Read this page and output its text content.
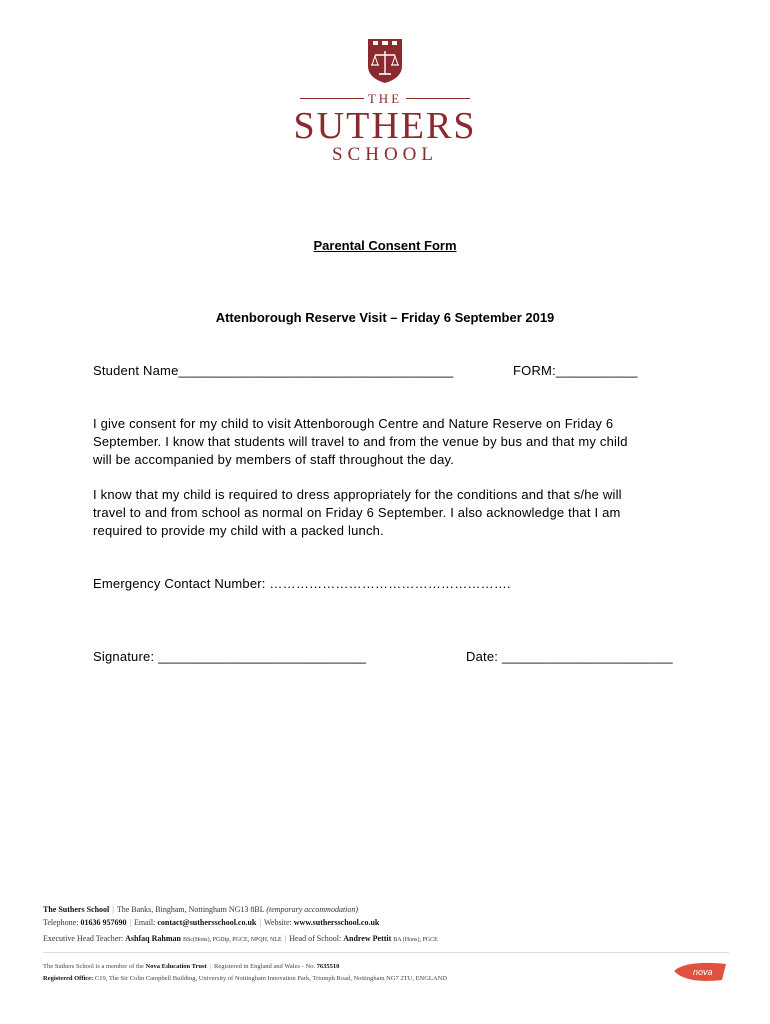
THE
SUTHERS
SCHOOL
Parental Consent Form
Attenborough Reserve Visit – Friday 6 September 2019
Student Name_____________________________________	FORM:___________
I give consent for my child to visit Attenborough Centre and Nature Reserve on Friday 6
September. I know that students will travel to and from the venue by bus and that my child
will be accompanied by members of staff throughout the day.
I know that my child is required to dress appropriately for the conditions and that s/he will
travel to and from school as normal on Friday 6 September. I also acknowledge that I am
required to provide my child with a packed lunch.
Emergency Contact Number: ……………………………………………….
Signature: ____________________________	Date: _______________________
The Suthers School | The Banks, Bingham, Nottingham NG13 8BL (temporary accommodation)
Telephone: 01636 957690 | Email: contact@suthersschool.co.uk | Website: www.suthersschool.co.uk
Executive Head Teacher: Ashfaq Rahman BSc(Hons), PGDip, PGCE, NPQH, NLE | Head of School: Andrew Pettit BA (Hons), PGCE
The Suthers School is a member of the Nova Education Trust | Registered in England and Wales - No. 7635510
Registered Office: C19, The Sir Colin Campbell Building, University of Nottingham Innovation Park, Triumph Road, Nottingham NG7 2TU, ENGLAND
nova
